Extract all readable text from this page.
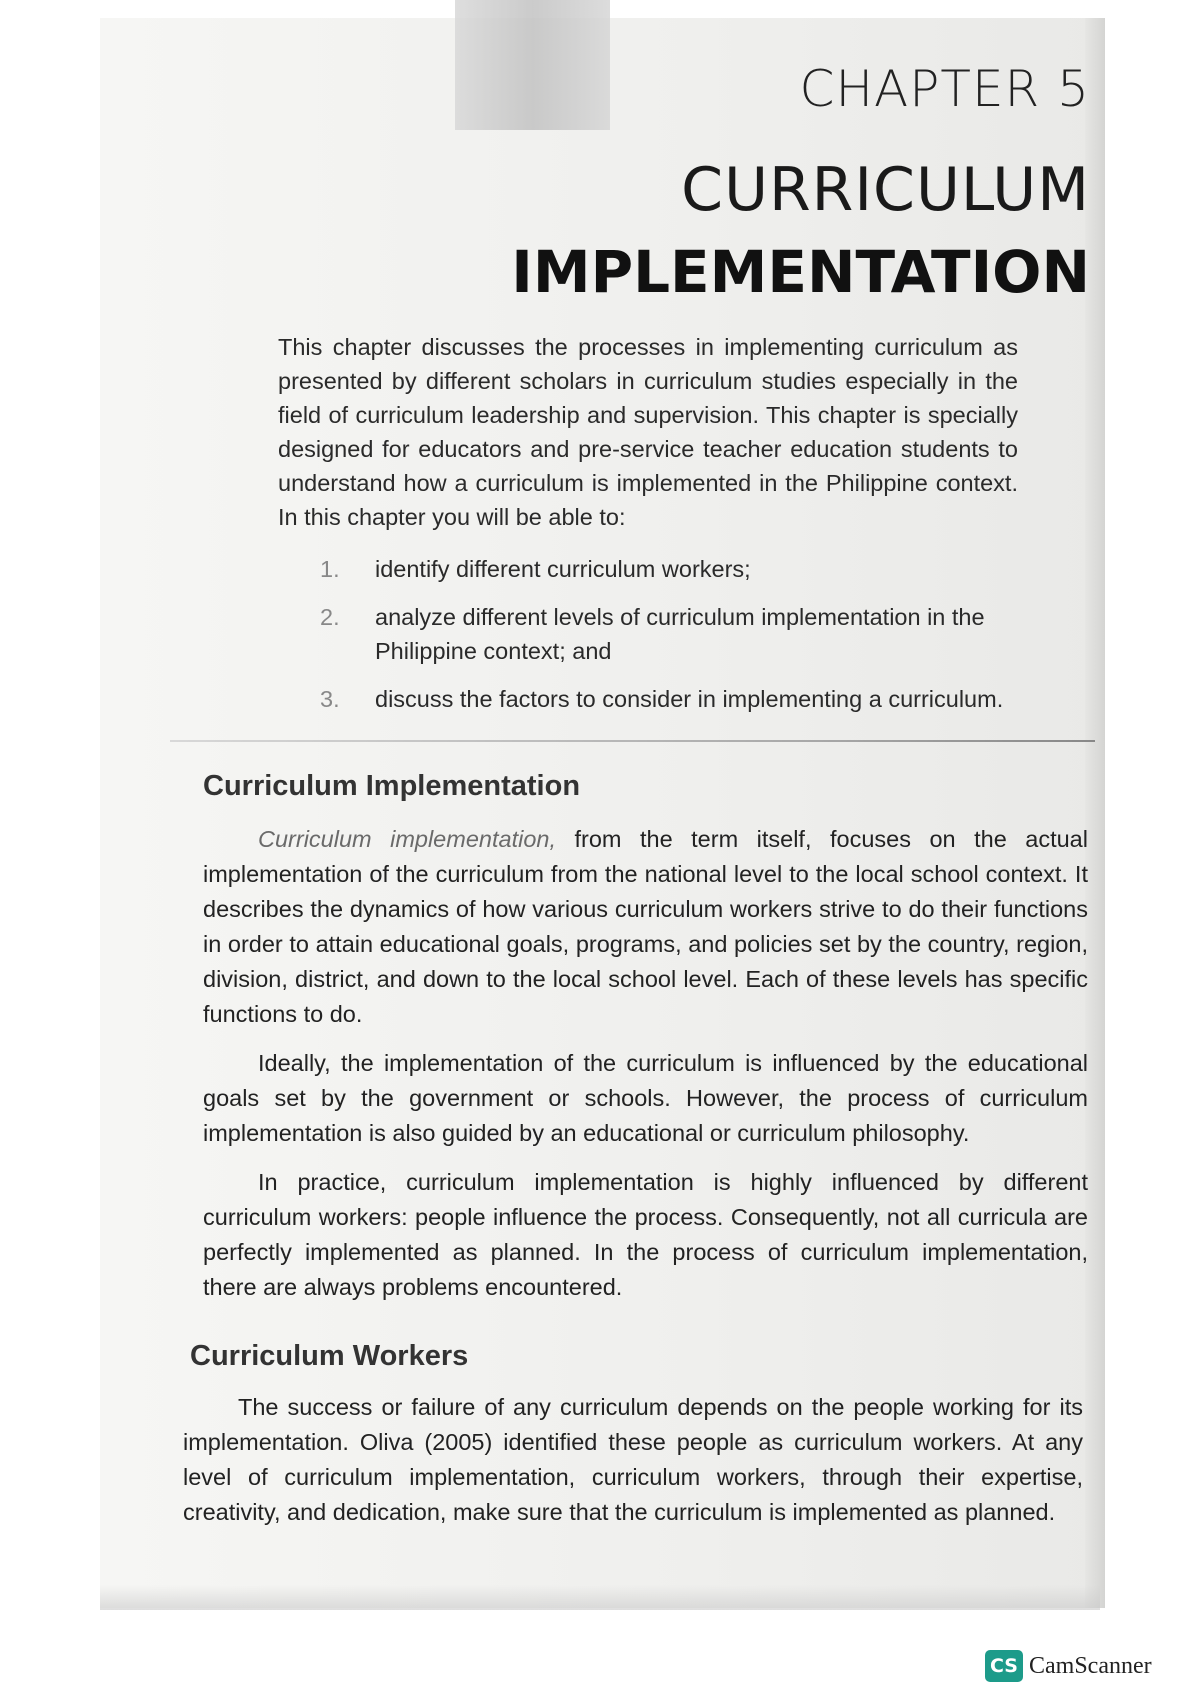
CHAPTER 5
CURRICULUM
IMPLEMENTATION
This chapter discusses the processes in implementing curriculum as presented by different scholars in curriculum studies especially in the field of curriculum leadership and supervision. This chapter is specially designed for educators and pre-service teacher education students to understand how a curriculum is implemented in the Philippine context. In this chapter you will be able to:
1. identify different curriculum workers;
2. analyze different levels of curriculum implementation in the Philippine context; and
3. discuss the factors to consider in implementing a curriculum.
Curriculum Implementation

Curriculum implementation, from the term itself, focuses on the actual implementation of the curriculum from the national level to the local school context. It describes the dynamics of how various curriculum workers strive to do their functions in order to attain educational goals, programs, and policies set by the country, region, division, district, and down to the local school level. Each of these levels has specific functions to do.

Ideally, the implementation of the curriculum is influenced by the educational goals set by the government or schools. However, the process of curriculum implementation is also guided by an educational or curriculum philosophy.

In practice, curriculum implementation is highly influenced by different curriculum workers: people influence the process. Consequently, not all curricula are perfectly implemented as planned. In the process of curriculum implementation, there are always problems encountered.

Curriculum Workers

The success or failure of any curriculum depends on the people working for its implementation. Oliva (2005) identified these people as curriculum workers. At any level of curriculum implementation, curriculum workers, through their expertise, creativity, and dedication, make sure that the curriculum is implemented as planned.

CS CamScanner
